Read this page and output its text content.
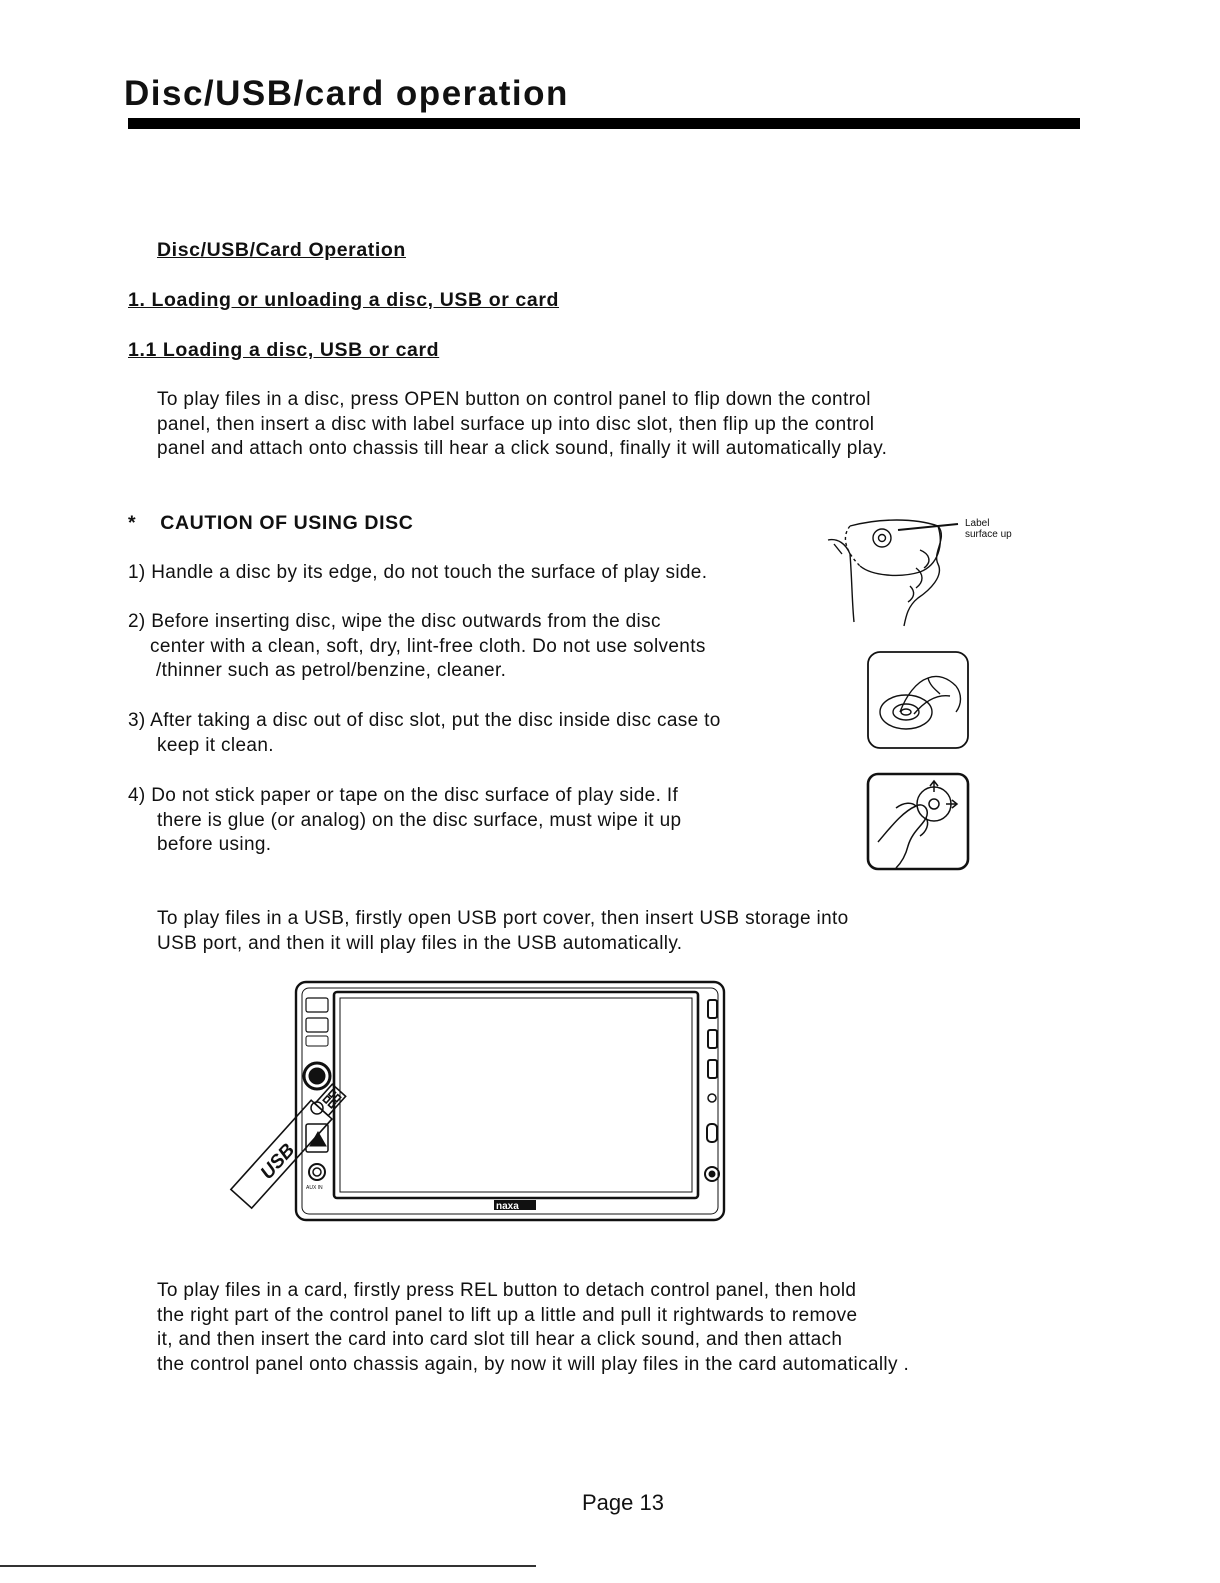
Disc/USB/card operation
Disc/USB/Card Operation
1. Loading or unloading a disc, USB or card
1.1 Loading a disc, USB or card
To play files in a disc, press OPEN button on control panel to flip down the control
panel, then insert a disc with label surface up into disc slot, then flip up the control
panel and attach onto chassis till hear a click sound, finally it will automatically play.
* CAUTION OF USING DISC
1) Handle a disc by its edge, do not touch the surface of play side.
2) Before inserting disc, wipe the disc outwards from the disc
center with a clean, soft, dry, lint-free cloth. Do not use solvents
/thinner such as petrol/benzine, cleaner.
3) After taking a disc out of disc slot, put the disc inside disc case to
keep it clean.
4) Do not stick paper or tape on the disc surface of play side. If
there is glue (or analog) on the disc surface, must wipe it up
before using.
Label
surface up
To play files in a USB, firstly open USB port cover, then insert USB storage into
USB port, and then it will play files in the USB automatically.
USB
naxa
AUX IN
To play files in a card, firstly press REL button to detach control panel, then hold
the right part of the control panel to lift up a little and pull it rightwards to remove
it, and then insert the card into card slot till hear a click sound, and then attach
the control panel onto chassis again, by now it will play files in the card automatically .
Page 13
